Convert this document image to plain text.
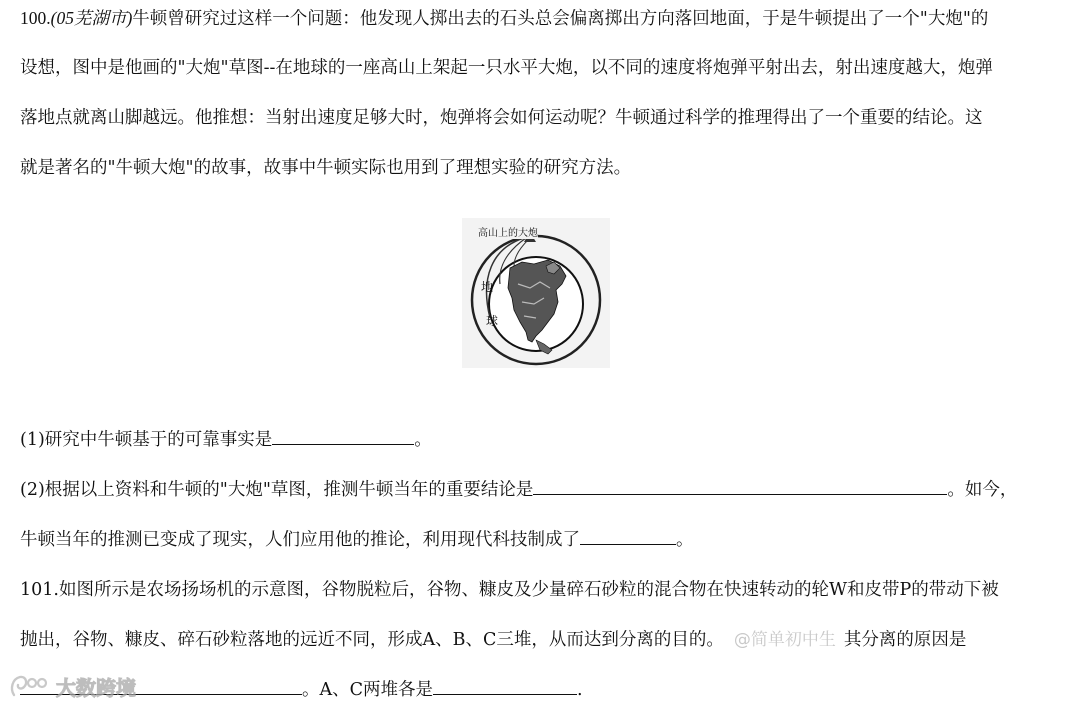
100.(05芜湖市)牛顿曾研究过这样一个问题：他发现人掷出去的石头总会偏离掷出方向落回地面，于是牛顿提出了一个"大炮"的
设想，图中是他画的"大炮"草图--在地球的一座高山上架起一只水平大炮，以不同的速度将炮弹平射出去，射出速度越大，炮弹
落地点就离山脚越远。他推想：当射出速度足够大时，炮弹将会如何运动呢？牛顿通过科学的推理得出了一个重要的结论。这
就是著名的"牛顿大炮"的故事，故事中牛顿实际也用到了理想实验的研究方法。
高山上的大炮
地
球
(1)研究中牛顿基于的可靠事实是	。
(2)根据以上资料和牛顿的"大炮"草图，推测牛顿当年的重要结论是	。如今，
牛顿当年的推测已变成了现实，人们应用他的推论，利用现代科技制成了	。
101.如图所示是农场扬场机的示意图，谷物脱粒后，谷物、糠皮及少量碎石砂粒的混合物在快速转动的轮W和皮带P的带动下被
抛出，谷物、糠皮、碎石砂粒落地的远近不同，形成A、B、C三堆，从而达到分离的目的。 @简单初中生 其分离的原因是
。A、C两堆各是	.
大数跨境
